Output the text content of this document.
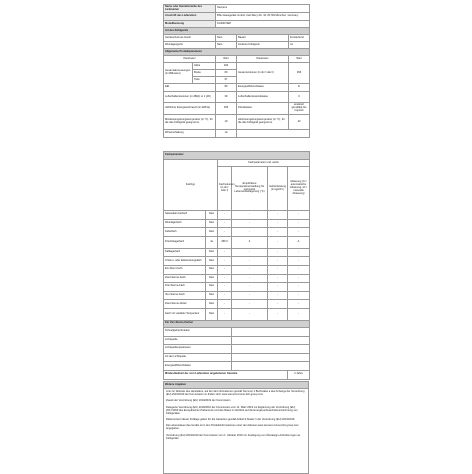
Name oder Handelsmarke des Lieferanten		Siemens		
Anschrift des Lieferanten		BSH Hausgeräte GmbH, Carl-Wery-Str. 34, 81739 München, Germany		
Modellkennung		KG39FVIEP		
Art des Kühlgeräts				
Geräuscharmes Gerät		Nein	Bauart	Freistehend
Weinlagergerät		Nein	Anderes Kühlgerät	Ja
Allgemeine Produktparameter				
Parameter		Wert	Parameter	Wert
Gesamtabmessungen (in Millimeter)	Höhe	203	Gesamtvolumen (in dm³ oder l)	366
	Breite	60		
	Tiefe	67		
EEI		80	Energieeffizienzklasse	E
Luftschallemissionen (in dB(A) re 1 pW)		39	Luftschallemissionsklasse	C
Jährlicher Energieverbrauch (in kWh/a)		183	Klimaklasse:	erweitert gemäßigt bis tropisch
Mindestumgebungstemperatur (in °C), für die das Kühlgerät geeignet ist		10	Höchstumgebungstemperatur (in °C), für die das Kühlgerät geeignet ist	43
Winterschaltung		Ja		
Fachparameter					
Fachtyp		Fachparameter und -werte			
		Fachvolumen (in dm³ oder l)	Empfohlene Temperatureinstellung für optimierte Lebensmittellagerung (°C)	Gefrierleistung (in kg/24 h)	Abtauung (A = automatische Abtauung, M = manuelle Abtauung)
Speisekammerfach	Nein	-	-	-	-
Weinlagerfach	Nein	-	-	-	-
Kellerfach	Nein	-	-	-	-
Frischelagerfach	Ja	366.0	4	-	A
Kaltlagerfach	Nein	-	-	-	-
0-Stern- oder Eisbereitungsfach	Nein	-	-	-	-
Ein-Stern-Fach	Nein	-	-	-	-
Zwei-Sterne-Fach	Nein	-	-	-	-
Drei-Sterne-Fach	Nein	-	-	-	-
Vier-Sterne-Fach	Nein	-	-	-	-
Zwei-Sterne-Abteil	Nein	-	-	-	-
Fach mit variabler Temperatur	Nein	-	-	-	-
Für Vier-Sterne-Fächer					
Schnellgefrierfunktion					
Lichtquelle					
Lichtquellenparameter					
Art der Lichtquelle					
Energieeffizienzklasse					
Mindestlaufzeit der vom Lieferanten angebotenen Garantie					2 Jahre
Weitere Angaben

Link zur Website des Herstellers, auf der die Informationen gemäß Nummer 4 Buchstabe a des Anhangs der Verordnung (EU) 2019/2019 der Kommission zu finden sind: www.siemens-home.bsh-group.com

Zweck der Verordnung (EU) 2019/2019 der Kommission

Delegierte Verordnung (EU) 2019/2016 der Kommission vom 11. März 2019 zur Ergänzung der Verordnung (EU) 2017/1369 des Europäischen Parlaments und des Rates im Hinblick auf die Energieverbrauchskennzeichnung von Kühlgeräten.

Referenzwert dieser Fußlage gelten für die Garantien gemäß Artikel 6 Absatz 1 der Verordnung (EU) 2019/2019.

Die Lebensdauer des Geräts ist in den Produktinformationen unter der Adresse www.siemens-home.bsh-group.com angegeben.

Verordnung (EU) 2019/2019 der Kommission vom 1. Oktober 2019 zur Festlegung von Ökodesign-Anforderungen an Kühlgeräte.
